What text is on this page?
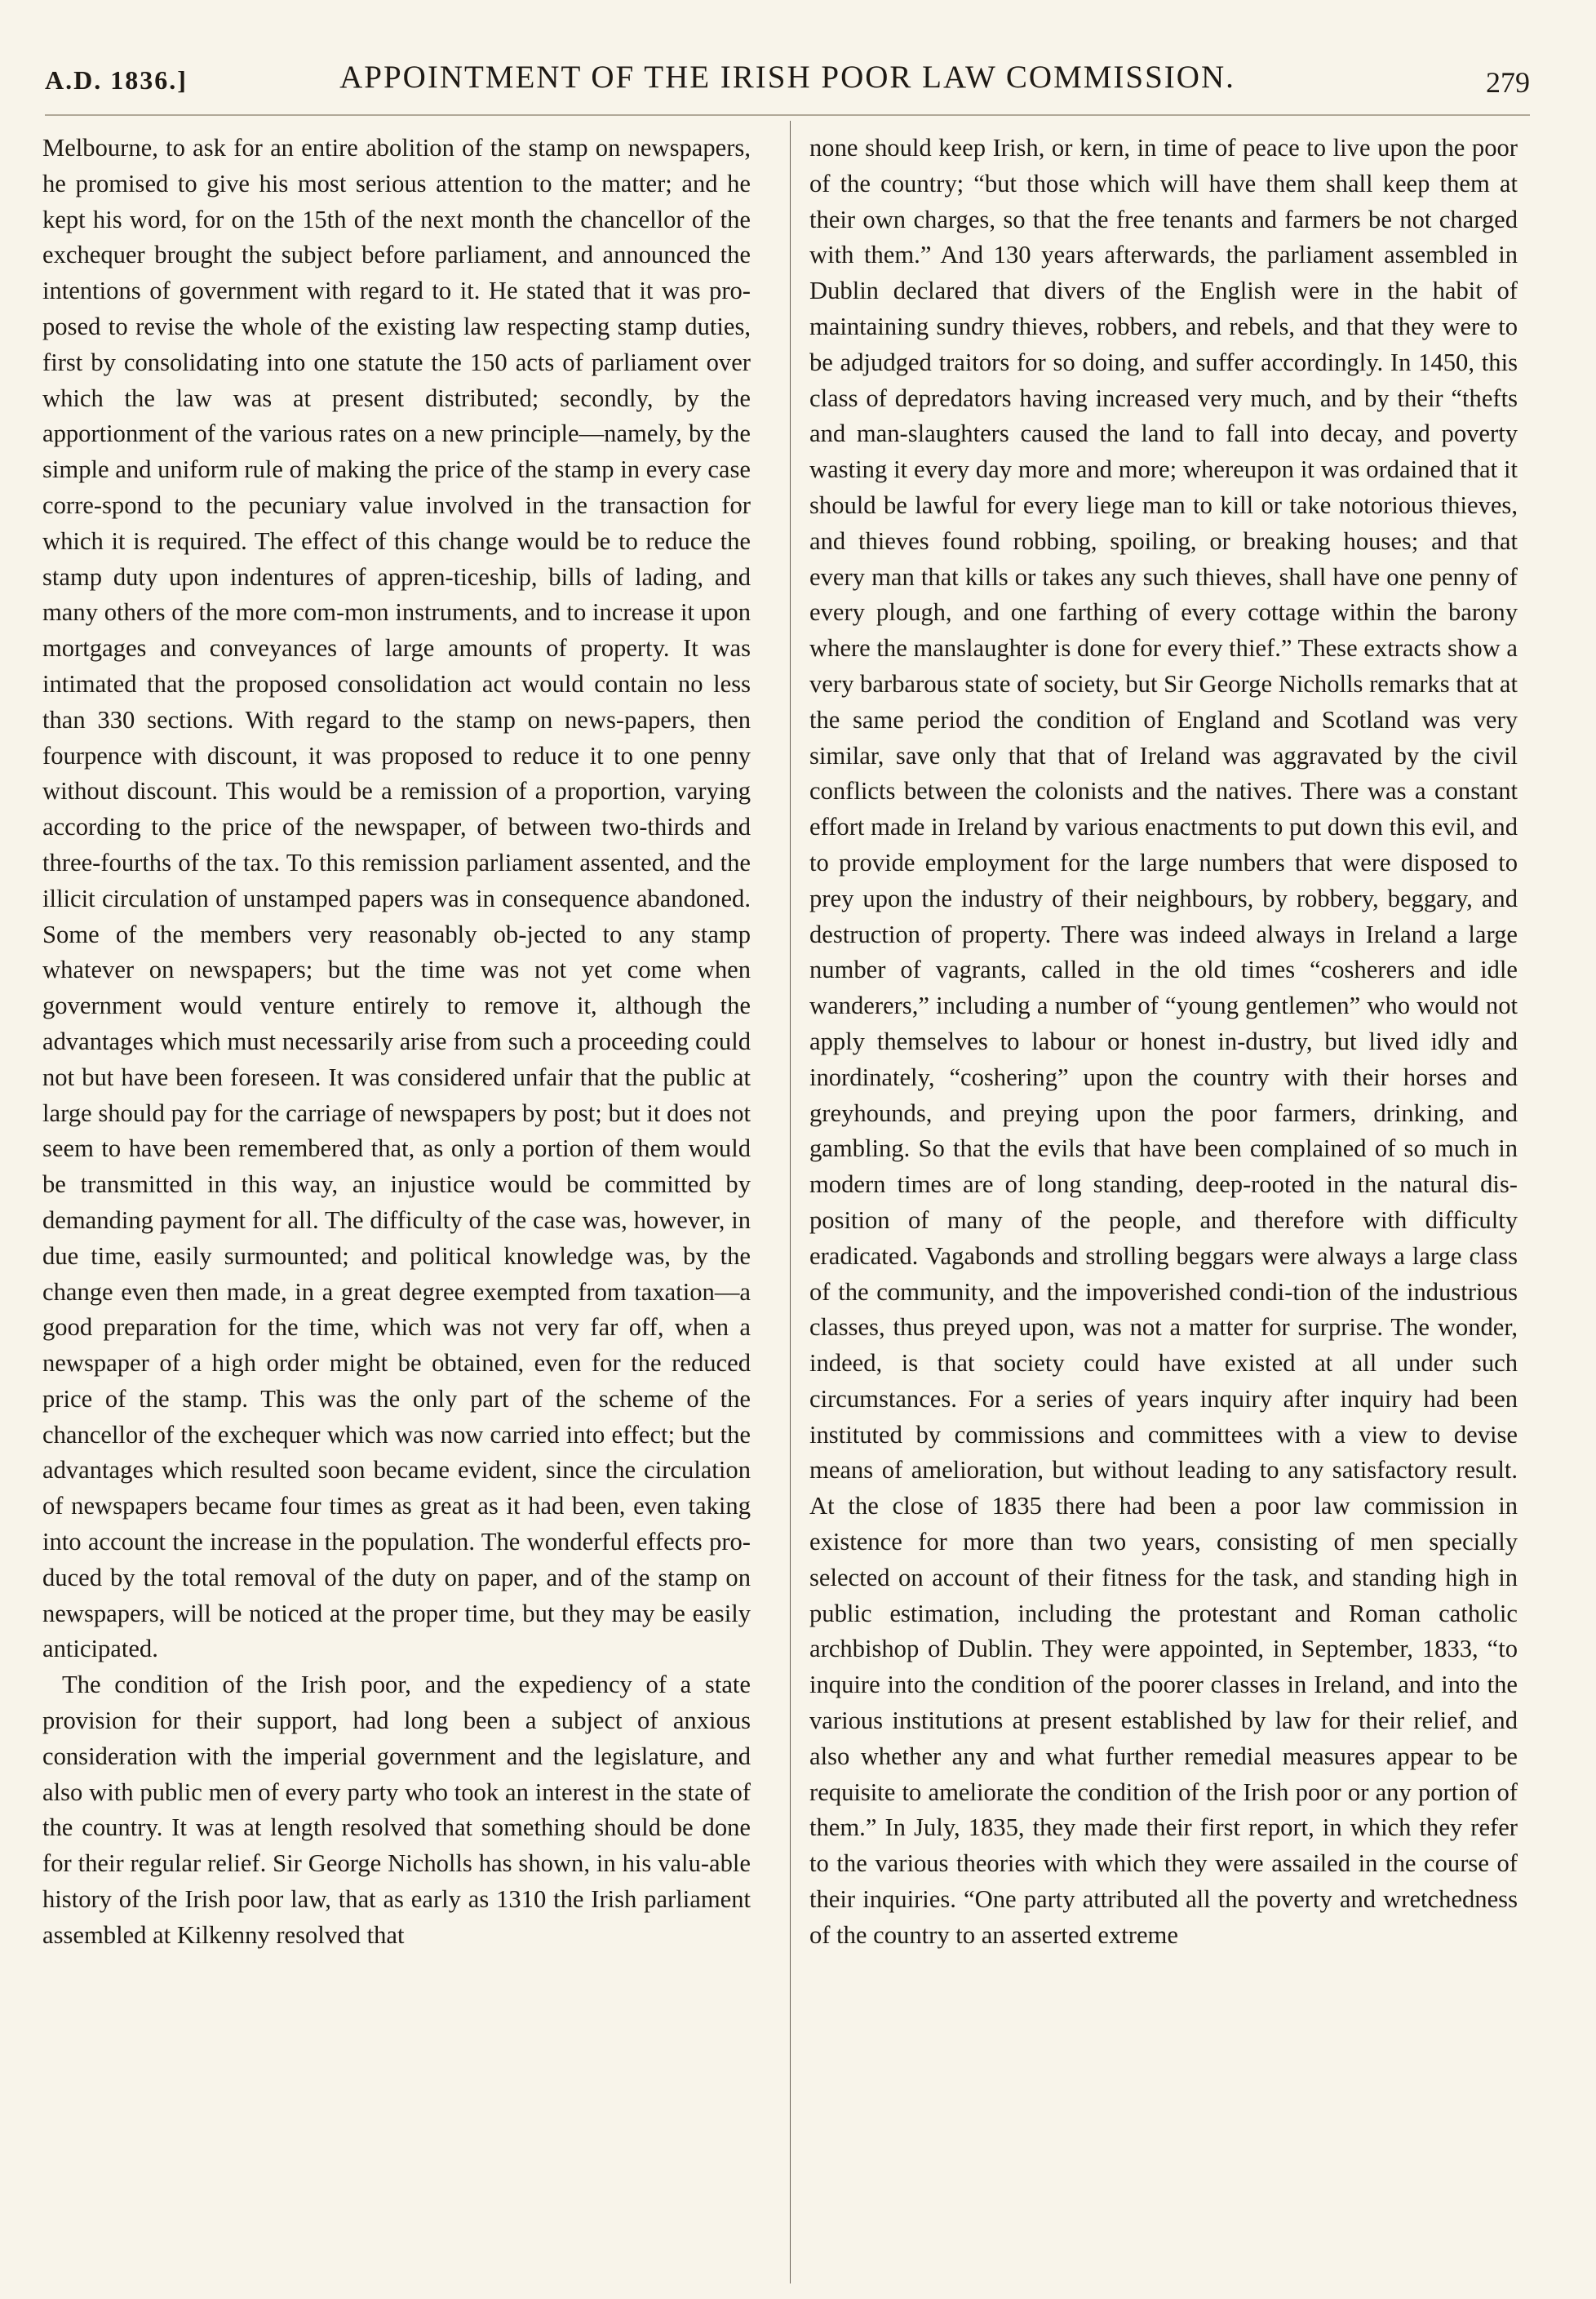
A.D. 1836.]	APPOINTMENT OF THE IRISH POOR LAW COMMISSION.	279

Melbourne, to ask for an entire abolition of the stamp on newspapers, he promised to give his most serious attention to the matter; and he kept his word, for on the 15th of the next month the chancellor of the exchequer brought the subject before parliament, and announced the intentions of government with regard to it. He stated that it was pro-posed to revise the whole of the existing law respecting stamp duties, first by consolidating into one statute the 150 acts of parliament over which the law was at present distributed; secondly, by the apportionment of the various rates on a new principle—namely, by the simple and uniform rule of making the price of the stamp in every case corre-spond to the pecuniary value involved in the transaction for which it is required. The effect of this change would be to reduce the stamp duty upon indentures of appren-ticeship, bills of lading, and many others of the more com-mon instruments, and to increase it upon mortgages and conveyances of large amounts of property. It was intimated that the proposed consolidation act would contain no less than 330 sections. With regard to the stamp on news-papers, then fourpence with discount, it was proposed to reduce it to one penny without discount. This would be a remission of a proportion, varying according to the price of the newspaper, of between two-thirds and three-fourths of the tax. To this remission parliament assented, and the illicit circulation of unstamped papers was in consequence abandoned. Some of the members very reasonably ob-jected to any stamp whatever on newspapers; but the time was not yet come when government would venture entirely to remove it, although the advantages which must necessarily arise from such a proceeding could not but have been foreseen. It was considered unfair that the public at large should pay for the carriage of newspapers by post; but it does not seem to have been remembered that, as only a portion of them would be transmitted in this way, an injustice would be committed by demanding payment for all. The difficulty of the case was, however, in due time, easily surmounted; and political knowledge was, by the change even then made, in a great degree exempted from taxation—a good preparation for the time, which was not very far off, when a newspaper of a high order might be obtained, even for the reduced price of the stamp. This was the only part of the scheme of the chancellor of the exchequer which was now carried into effect; but the advantages which resulted soon became evident, since the circulation of newspapers became four times as great as it had been, even taking into account the increase in the population. The wonderful effects pro-duced by the total removal of the duty on paper, and of the stamp on newspapers, will be noticed at the proper time, but they may be easily anticipated.

The condition of the Irish poor, and the expediency of a state provision for their support, had long been a subject of anxious consideration with the imperial government and the legislature, and also with public men of every party who took an interest in the state of the country. It was at length resolved that something should be done for their regular relief. Sir George Nicholls has shown, in his valu-able history of the Irish poor law, that as early as 1310 the Irish parliament assembled at Kilkenny resolved that

none should keep Irish, or kern, in time of peace to live upon the poor of the country; “but those which will have them shall keep them at their own charges, so that the free tenants and farmers be not charged with them.” And 130 years afterwards, the parliament assembled in Dublin declared that divers of the English were in the habit of maintaining sundry thieves, robbers, and rebels, and that they were to be adjudged traitors for so doing, and suffer accordingly. In 1450, this class of depredators having increased very much, and by their “thefts and man-slaughters caused the land to fall into decay, and poverty wasting it every day more and more; whereupon it was ordained that it should be lawful for every liege man to kill or take notorious thieves, and thieves found robbing, spoiling, or breaking houses; and that every man that kills or takes any such thieves, shall have one penny of every plough, and one farthing of every cottage within the barony where the manslaughter is done for every thief.” These extracts show a very barbarous state of society, but Sir George Nicholls remarks that at the same period the condition of England and Scotland was very similar, save only that that of Ireland was aggravated by the civil conflicts between the colonists and the natives. There was a constant effort made in Ireland by various enactments to put down this evil, and to provide employment for the large numbers that were disposed to prey upon the industry of their neighbours, by robbery, beggary, and destruction of property. There was indeed always in Ireland a large number of vagrants, called in the old times “cosherers and idle wanderers,” including a number of “young gentlemen” who would not apply themselves to labour or honest in-dustry, but lived idly and inordinately, “coshering” upon the country with their horses and greyhounds, and preying upon the poor farmers, drinking, and gambling. So that the evils that have been complained of so much in modern times are of long standing, deep-rooted in the natural dis-position of many of the people, and therefore with difficulty eradicated. Vagabonds and strolling beggars were always a large class of the community, and the impoverished condi-tion of the industrious classes, thus preyed upon, was not a matter for surprise. The wonder, indeed, is that society could have existed at all under such circumstances. For a series of years inquiry after inquiry had been instituted by commissions and committees with a view to devise means of amelioration, but without leading to any satisfactory result. At the close of 1835 there had been a poor law commission in existence for more than two years, consisting of men specially selected on account of their fitness for the task, and standing high in public estimation, including the protestant and Roman catholic archbishop of Dublin. They were appointed, in September, 1833, “to inquire into the condition of the poorer classes in Ireland, and into the various institutions at present established by law for their relief, and also whether any and what further remedial measures appear to be requisite to ameliorate the condition of the Irish poor or any portion of them.” In July, 1835, they made their first report, in which they refer to the various theories with which they were assailed in the course of their inquiries. “One party attributed all the poverty and wretchedness of the country to an asserted extreme
